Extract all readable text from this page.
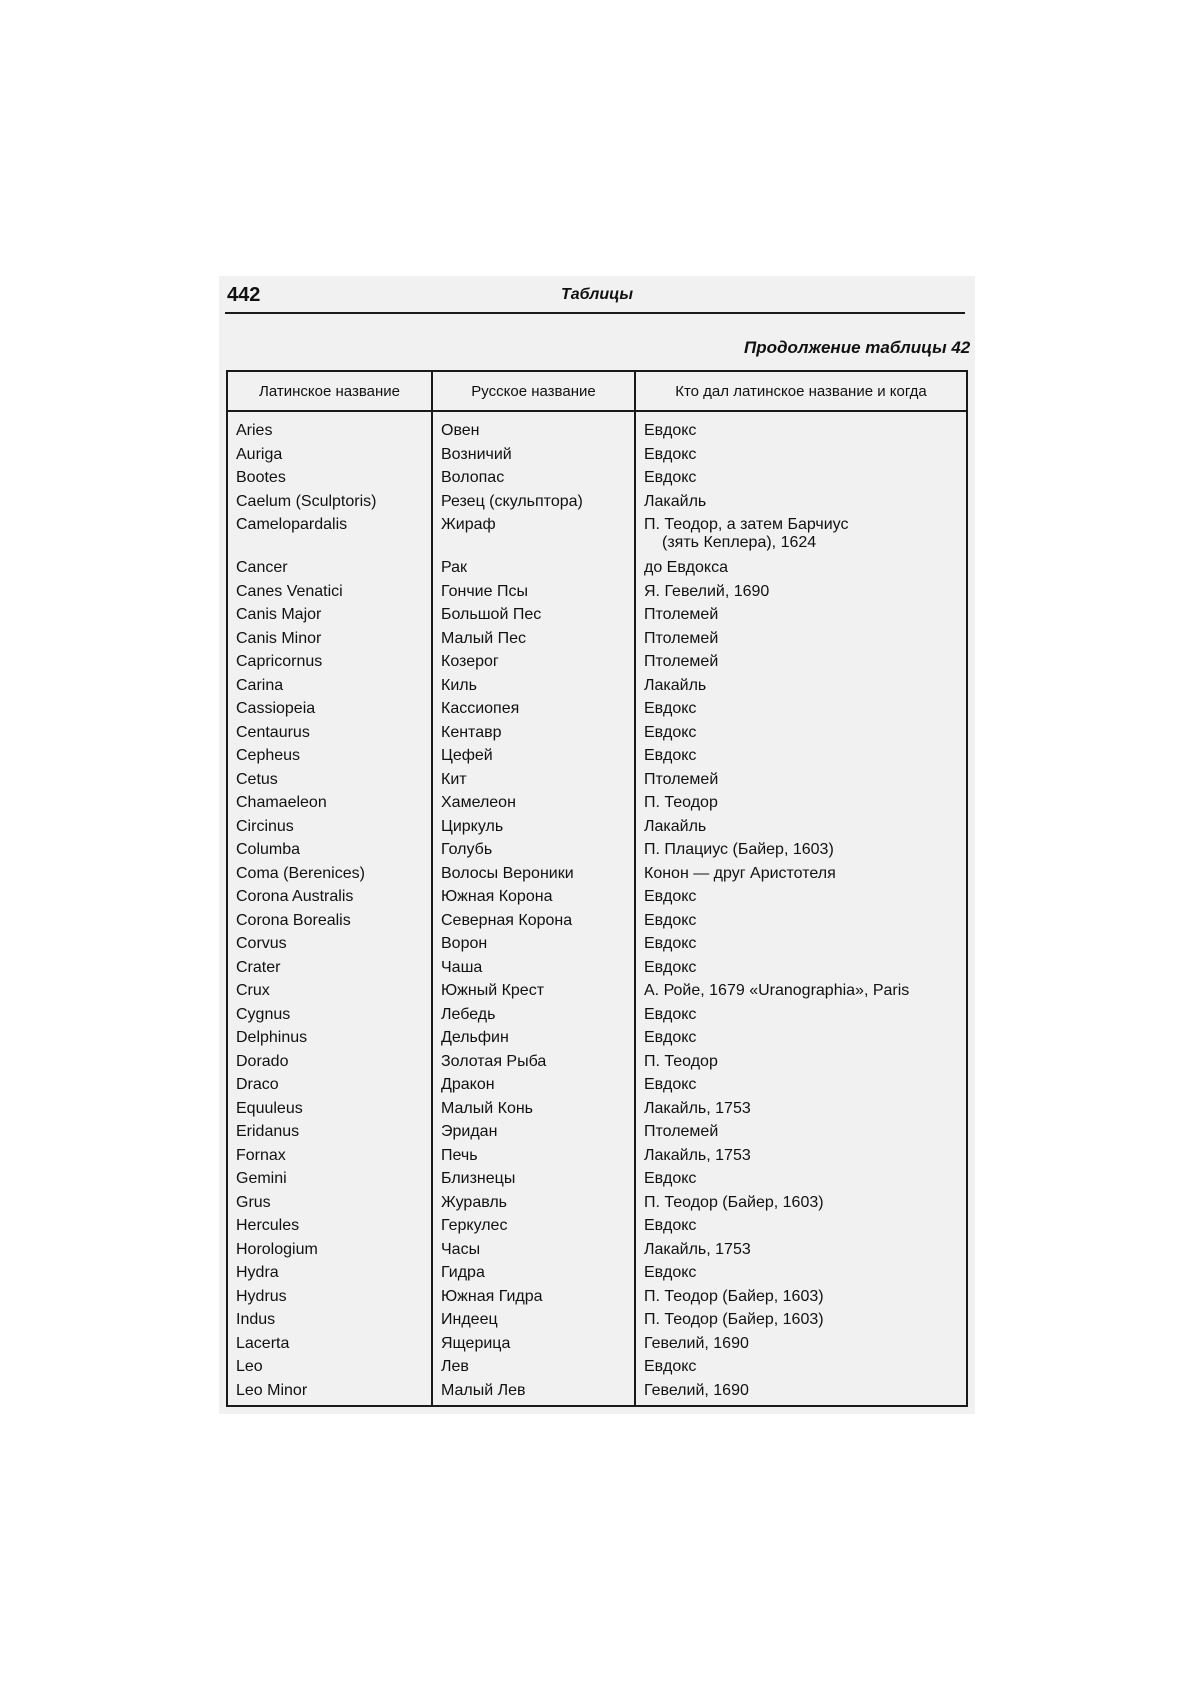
442	Таблицы
Продолжение таблицы 42
Латинское название	Русское название	Кто дал латинское название и когда

Aries	Овен	Евдокс
Auriga	Возничий	Евдокс
Bootes	Волопас	Евдокс
Caelum (Sculptoris)	Резец (скульптора)	Лакайль
Camelopardalis	Жираф	П. Теодор, а затем Барчиус
(зять Кеплера), 1624

Cancer	Рак	до Евдокса
Canes Venatici	Гончие Псы	Я. Гевелий, 1690
Canis Major	Большой Пес	Птолемей
Canis Minor	Малый Пес	Птолемей
Capricornus	Козерог	Птолемей
Carina	Киль	Лакайль
Cassiopeia	Кассиопея	Евдокс
Centaurus	Кентавр	Евдокс
Cepheus	Цефей	Евдокс
Cetus	Кит	Птолемей
Chamaeleon	Хамелеон	П. Теодор
Circinus	Циркуль	Лакайль
Columba	Голубь	П. Плациус (Байер, 1603)
Coma (Berenices)	Волосы Вероники	Конон — друг Аристотеля
Corona Australis	Южная Корона	Евдокс
Corona Borealis	Северная Корона	Евдокс
Corvus	Ворон	Евдокс
Crater	Чаша	Евдокс
Crux	Южный Крест	А. Ройе, 1679 «Uranographia», Paris
Cygnus	Лебедь	Евдокс
Delphinus	Дельфин	Евдокс
Dorado	Золотая Рыба	П. Теодор
Draco	Дракон	Евдокс
Equuleus	Малый Конь	Лакайль, 1753
Eridanus	Эридан	Птолемей
Fornax	Печь	Лакайль, 1753
Gemini	Близнецы	Евдокс
Grus	Журавль	П. Теодор (Байер, 1603)
Hercules	Геркулес	Евдокс
Horologium	Часы	Лакайль, 1753
Hydra	Гидра	Евдокс
Hydrus	Южная Гидра	П. Теодор (Байер, 1603)
Indus	Индеец	П. Теодор (Байер, 1603)
Lacerta	Ящерица	Гевелий, 1690
Leo	Лев	Евдокс
Leo Minor	Малый Лев	Гевелий, 1690
